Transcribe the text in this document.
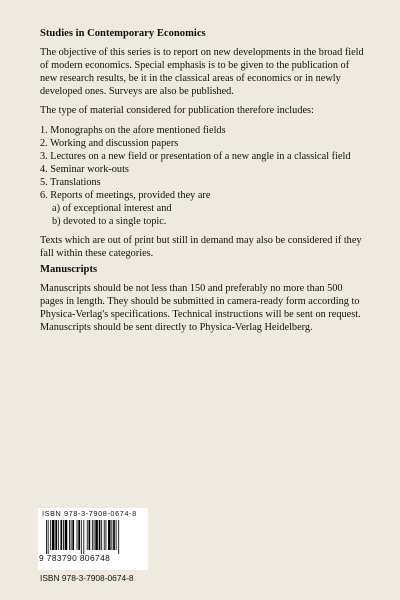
Studies in Contemporary Economics

The objective of this series is to report on new developments in the broad field of modern economics. Special emphasis is to be given to the publication of new research results, be it in the classical areas of economics or in newly developed ones. Surveys are also be published.

The type of material considered for publication therefore includes:

1. Monographs on the afore mentioned fields
2. Working and discussion papers
3. Lectures on a new field or presentation of a new angle in a classical field
4. Seminar work-outs
5. Translations
6. Reports of meetings, provided they are
a) of exceptional interest and
b) devoted to a single topic.

Texts which are out of print but still in demand may also be considered if they fall within these categories.

Manuscripts

Manuscripts should be not less than 150 and preferably no more than 500 pages in length. They should be submitted in camera-ready form according to Physica-Verlag's specifications. Technical instructions will be sent on request. Manuscripts should be sent directly to Physica-Verlag Heidelberg.

ISBN 978-3-7908-0674-8
9 783790 806748
ISBN 978-3-7908-0674-8
